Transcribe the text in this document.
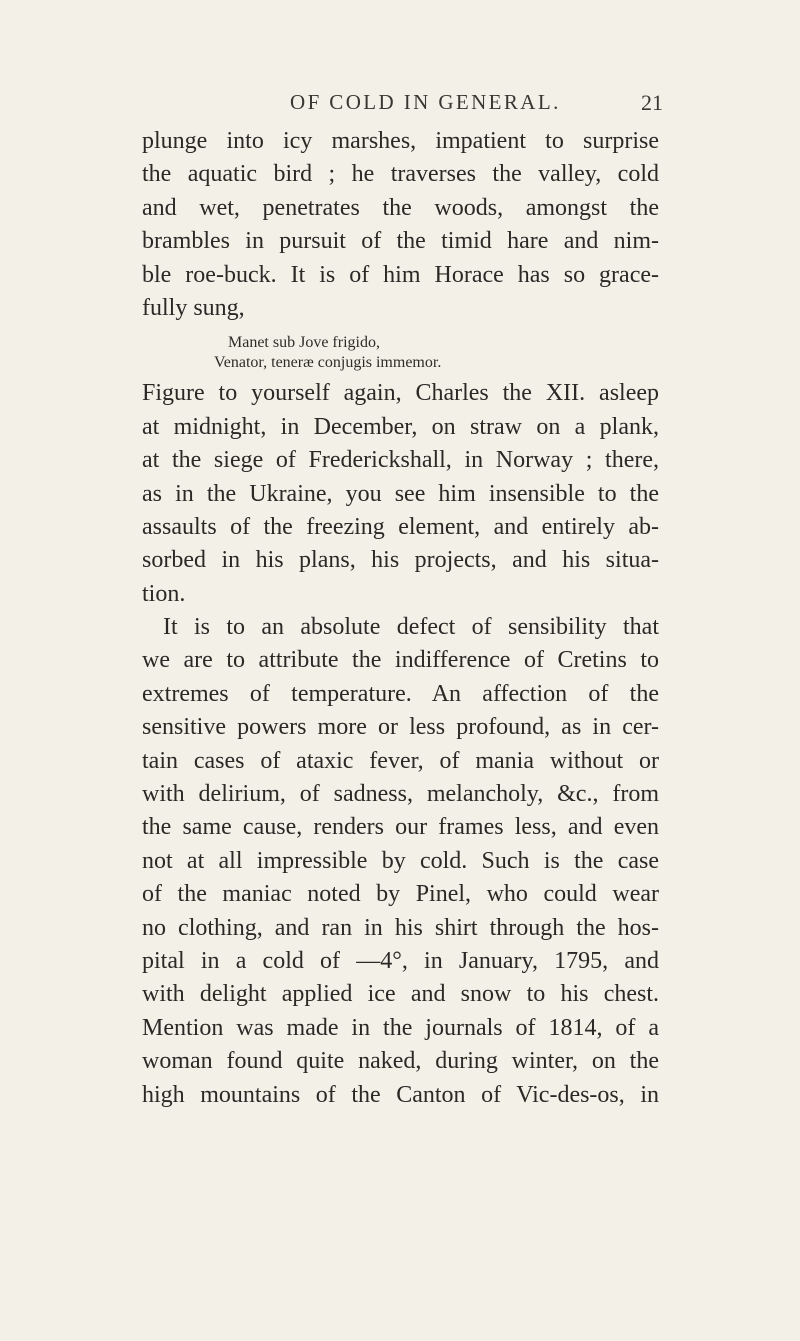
OF COLD IN GENERAL.	21
plunge into icy marshes, impatient to surprise
the aquatic bird ; he traverses the valley, cold
and wet, penetrates the woods, amongst the
brambles in pursuit of the timid hare and nim-
ble roe-buck. It is of him Horace has so grace-
fully sung,
Manet sub Jove frigido,
Venator, teneræ conjugis immemor.
Figure to yourself again, Charles the XII. asleep
at midnight, in December, on straw on a plank,
at the siege of Frederickshall, in Norway ; there,
as in the Ukraine, you see him insensible to the
assaults of the freezing element, and entirely ab-
sorbed in his plans, his projects, and his situa-
tion.
It is to an absolute defect of sensibility that
we are to attribute the indifference of Cretins to
extremes of temperature. An affection of the
sensitive powers more or less profound, as in cer-
tain cases of ataxic fever, of mania without or
with delirium, of sadness, melancholy, &c., from
the same cause, renders our frames less, and even
not at all impressible by cold. Such is the case
of the maniac noted by Pinel, who could wear
no clothing, and ran in his shirt through the hos-
pital in a cold of —4°, in January, 1795, and
with delight applied ice and snow to his chest.
Mention was made in the journals of 1814, of a
woman found quite naked, during winter, on the
high mountains of the Canton of Vic-des-os, in
